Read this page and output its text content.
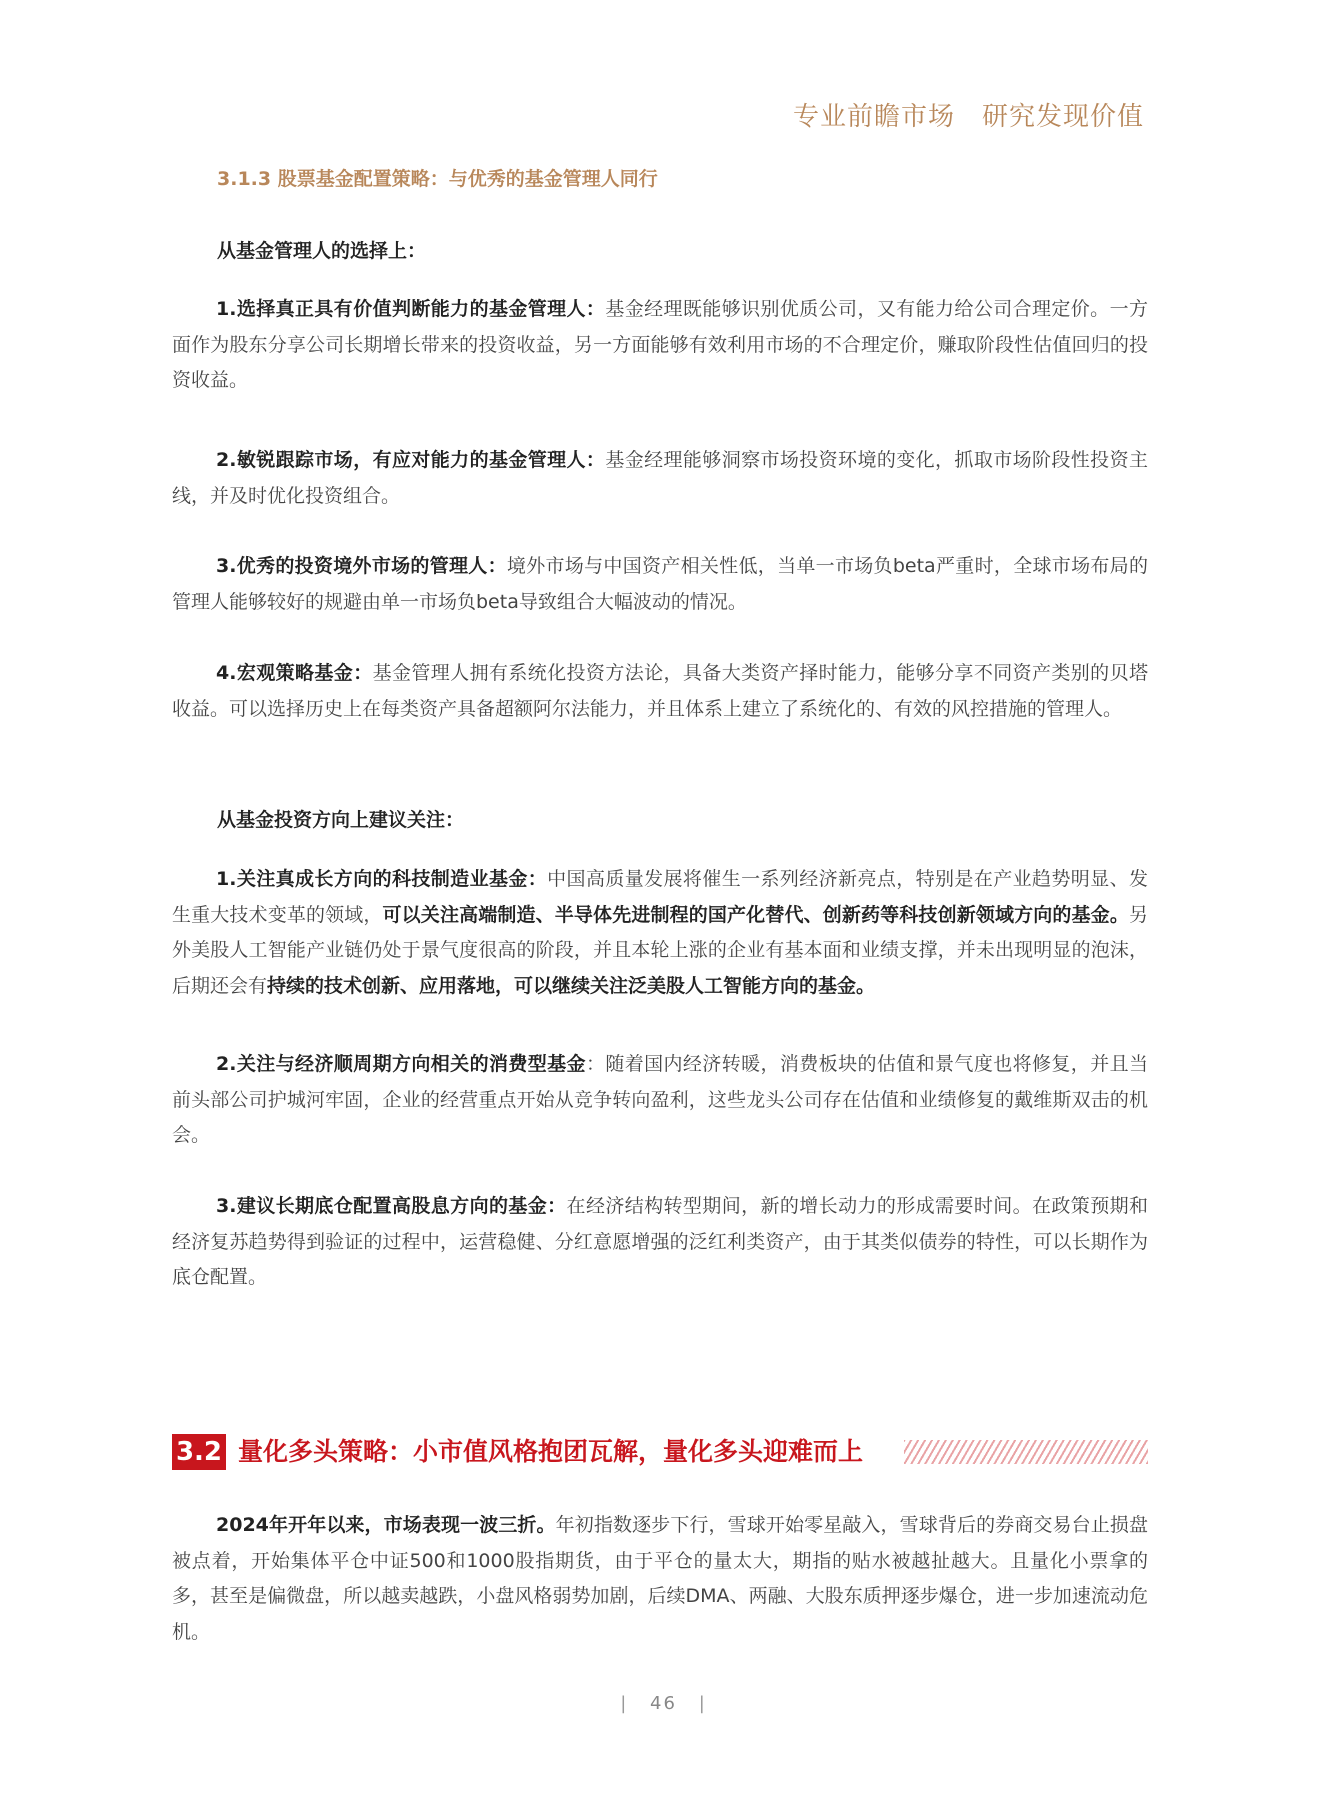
专业前瞻市场　研究发现价值
3.1.3 股票基金配置策略：与优秀的基金管理人同行
从基金管理人的选择上：

1.选择真正具有价值判断能力的基金管理人：基金经理既能够识别优质公司，又有能力给公司合理定价。一方面作为股东分享公司长期增长带来的投资收益，另一方面能够有效利用市场的不合理定价，赚取阶段性估值回归的投资收益。

2.敏锐跟踪市场，有应对能力的基金管理人：基金经理能够洞察市场投资环境的变化，抓取市场阶段性投资主线，并及时优化投资组合。

3.优秀的投资境外市场的管理人：境外市场与中国资产相关性低，当单一市场负beta严重时，全球市场布局的管理人能够较好的规避由单一市场负beta导致组合大幅波动的情况。

4.宏观策略基金：基金管理人拥有系统化投资方法论，具备大类资产择时能力，能够分享不同资产类别的贝塔收益。可以选择历史上在每类资产具备超额阿尔法能力，并且体系上建立了系统化的、有效的风控措施的管理人。

从基金投资方向上建议关注：

1.关注真成长方向的科技制造业基金：中国高质量发展将催生一系列经济新亮点，特别是在产业趋势明显、发生重大技术变革的领域，可以关注高端制造、半导体先进制程的国产化替代、创新药等科技创新领域方向的基金。另外美股人工智能产业链仍处于景气度很高的阶段，并且本轮上涨的企业有基本面和业绩支撑，并未出现明显的泡沫，后期还会有持续的技术创新、应用落地，可以继续关注泛美股人工智能方向的基金。

2.关注与经济顺周期方向相关的消费型基金：随着国内经济转暖，消费板块的估值和景气度也将修复，并且当前头部公司护城河牢固，企业的经营重点开始从竞争转向盈利，这些龙头公司存在估值和业绩修复的戴维斯双击的机会。

3.建议长期底仓配置高股息方向的基金：在经济结构转型期间，新的增长动力的形成需要时间。在政策预期和经济复苏趋势得到验证的过程中，运营稳健、分红意愿增强的泛红利类资产，由于其类似债券的特性，可以长期作为底仓配置。

3.2 量化多头策略：小市值风格抱团瓦解，量化多头迎难而上

2024年开年以来，市场表现一波三折。年初指数逐步下行，雪球开始零星敲入，雪球背后的券商交易台止损盘被点着，开始集体平仓中证500和1000股指期货，由于平仓的量太大，期指的贴水被越扯越大。且量化小票拿的多，甚至是偏微盘，所以越卖越跌，小盘风格弱势加剧，后续DMA、两融、大股东质押逐步爆仓，进一步加速流动危机。

| 46 |
